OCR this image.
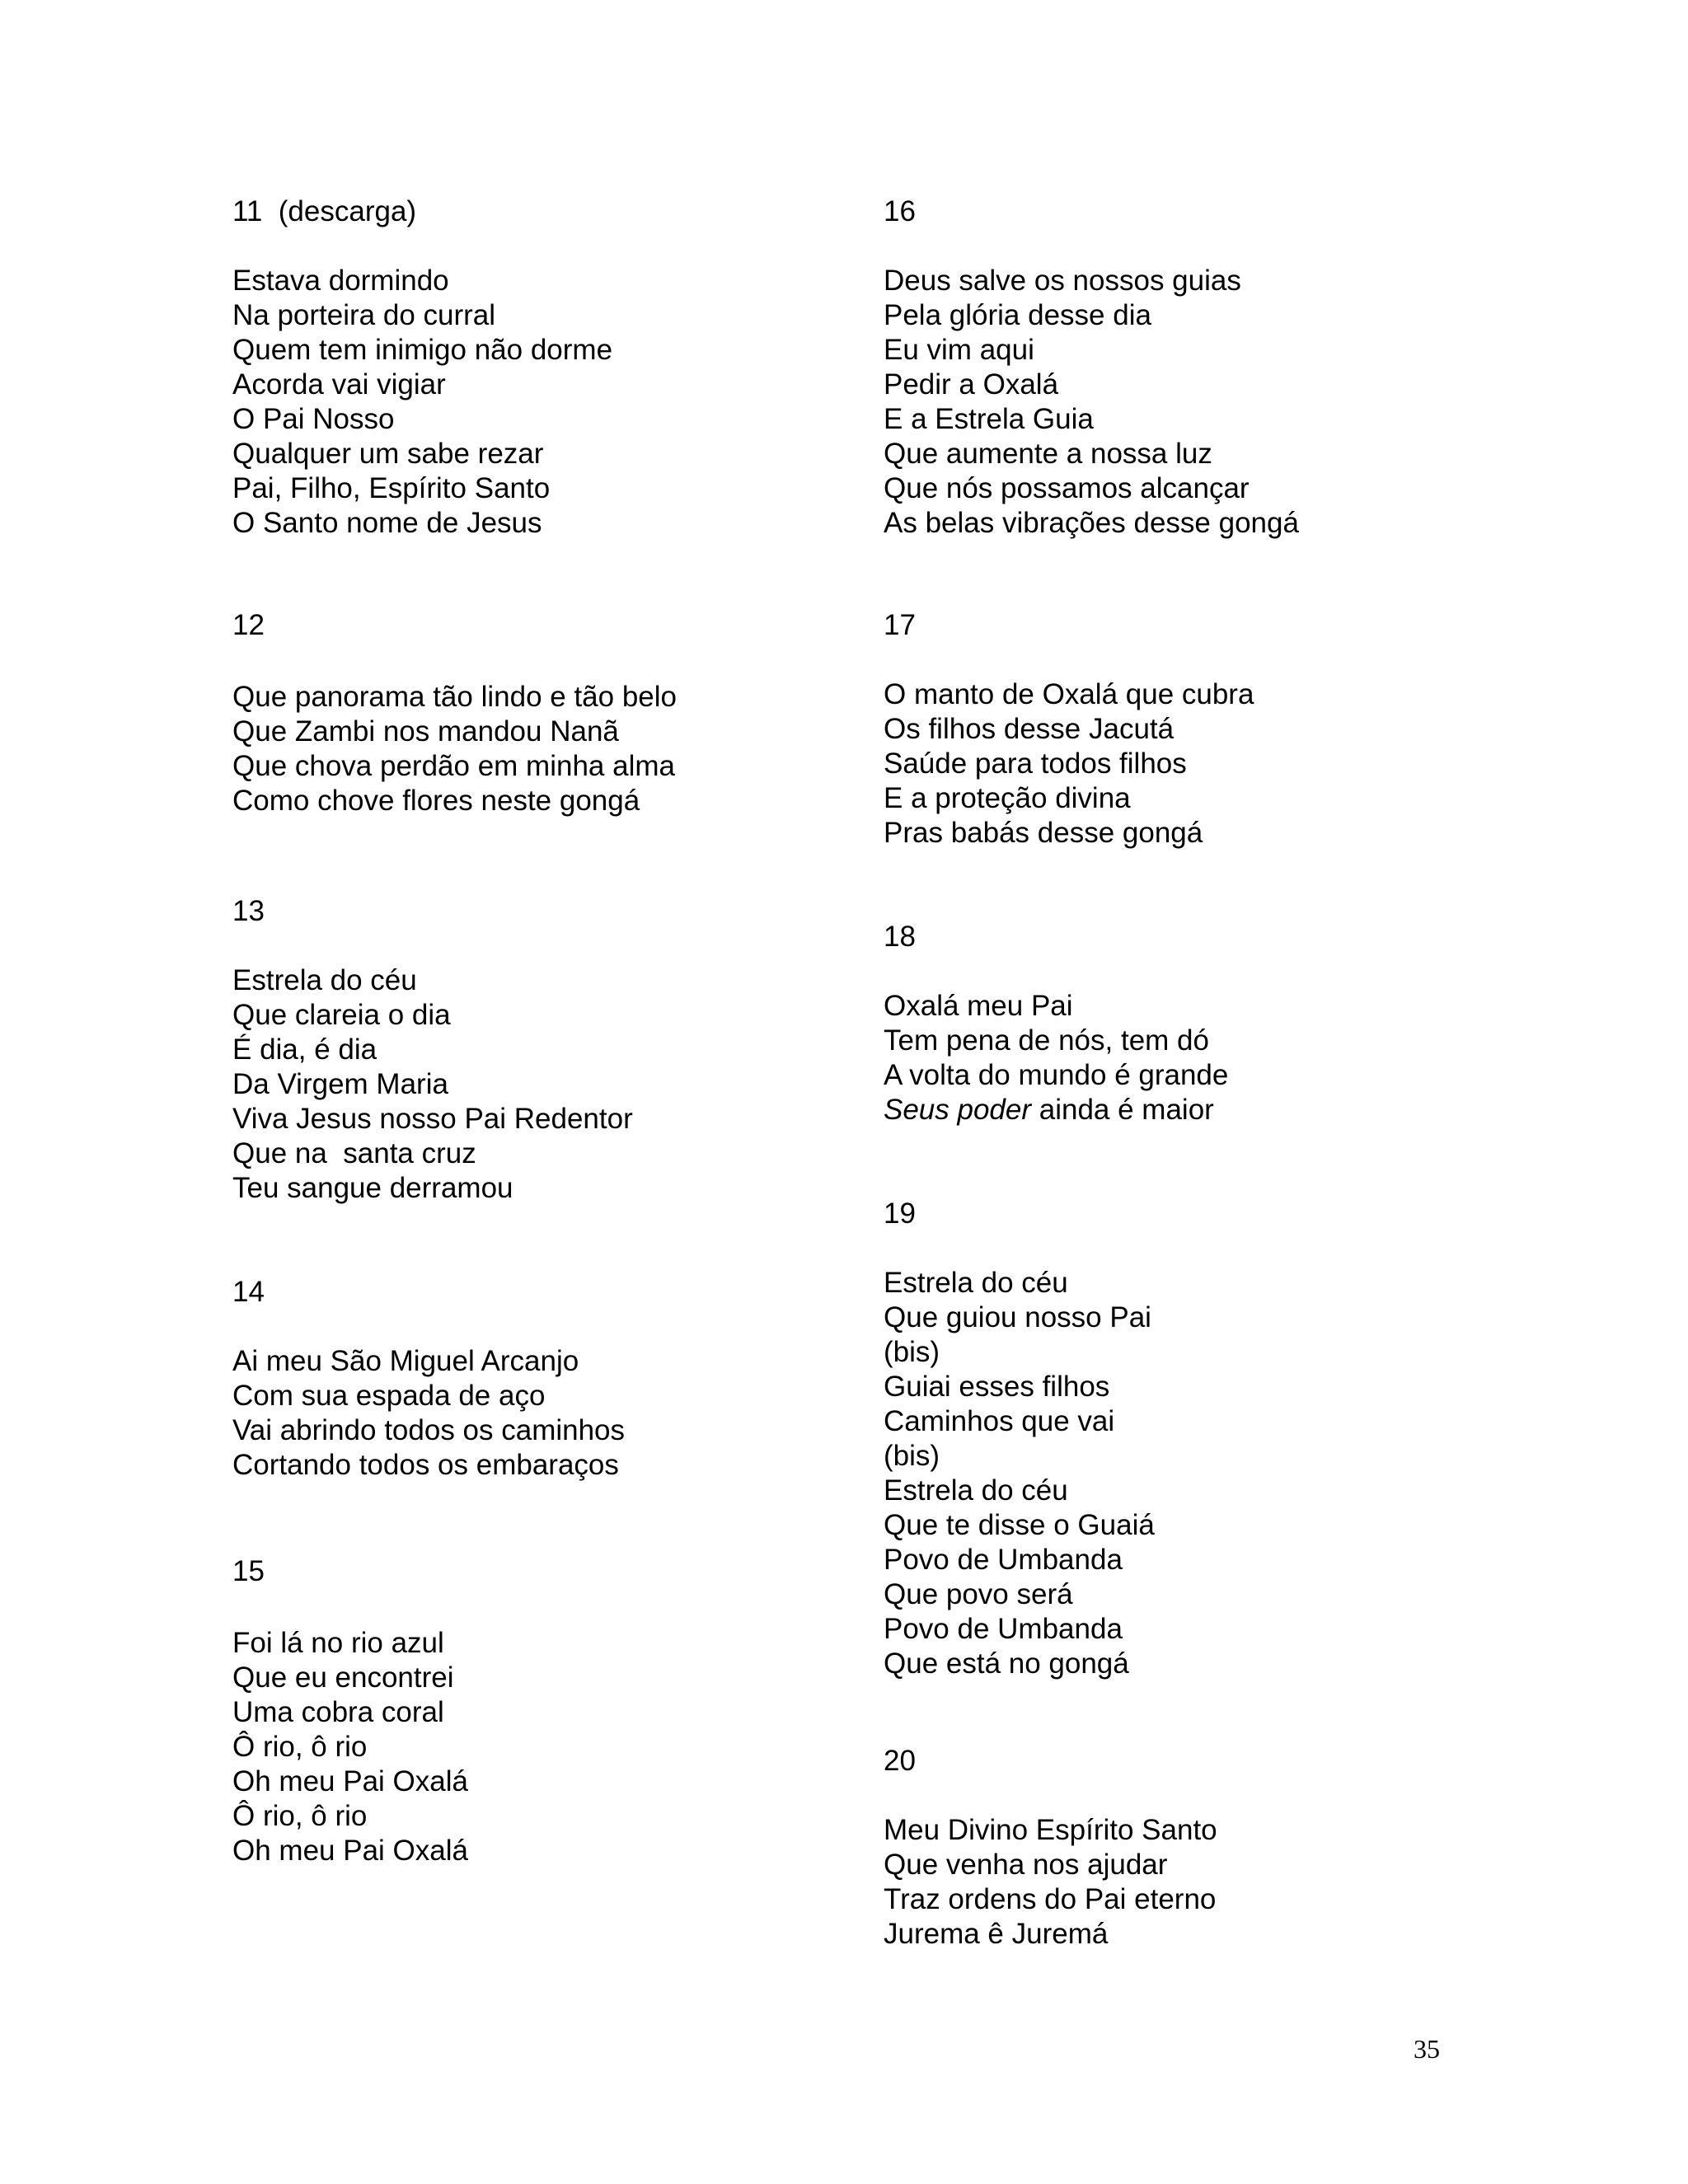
11  (descarga)
Estava dormindo
Na porteira do curral
Quem tem inimigo não dorme
Acorda vai vigiar
O Pai Nosso
Qualquer um sabe rezar
Pai, Filho, Espírito Santo
O Santo nome de Jesus
12
Que panorama tão lindo e tão belo
Que Zambi nos mandou Nanã
Que chova perdão em minha alma
Como chove flores neste gongá
13
Estrela do céu
Que clareia o dia
É dia, é dia
Da Virgem Maria
Viva Jesus nosso Pai Redentor
Que na  santa cruz
Teu sangue derramou
14
Ai meu São Miguel Arcanjo
Com sua espada de aço
Vai abrindo todos os caminhos
Cortando todos os embaraços
15
Foi lá no rio azul
Que eu encontrei
Uma cobra coral
Ô rio, ô rio
Oh meu Pai Oxalá
Ô rio, ô rio
Oh meu Pai Oxalá
16
Deus salve os nossos guias
Pela glória desse dia
Eu vim aqui
Pedir a Oxalá
E a Estrela Guia
Que aumente a nossa luz
Que nós possamos alcançar
As belas vibrações desse gongá
17
O manto de Oxalá que cubra
Os filhos desse Jacutá
Saúde para todos filhos
E a proteção divina
Pras babás desse gongá
18
Oxalá meu Pai
Tem pena de nós, tem dó
A volta do mundo é grande
Seus poder ainda é maior
19
Estrela do céu
Que guiou nosso Pai
(bis)
Guiai esses filhos
Caminhos que vai
(bis)
Estrela do céu
Que te disse o Guaiá
Povo de Umbanda
Que povo será
Povo de Umbanda
Que está no gongá
20
Meu Divino Espírito Santo
Que venha nos ajudar
Traz ordens do Pai eterno
Jurema ê Juremá
35
